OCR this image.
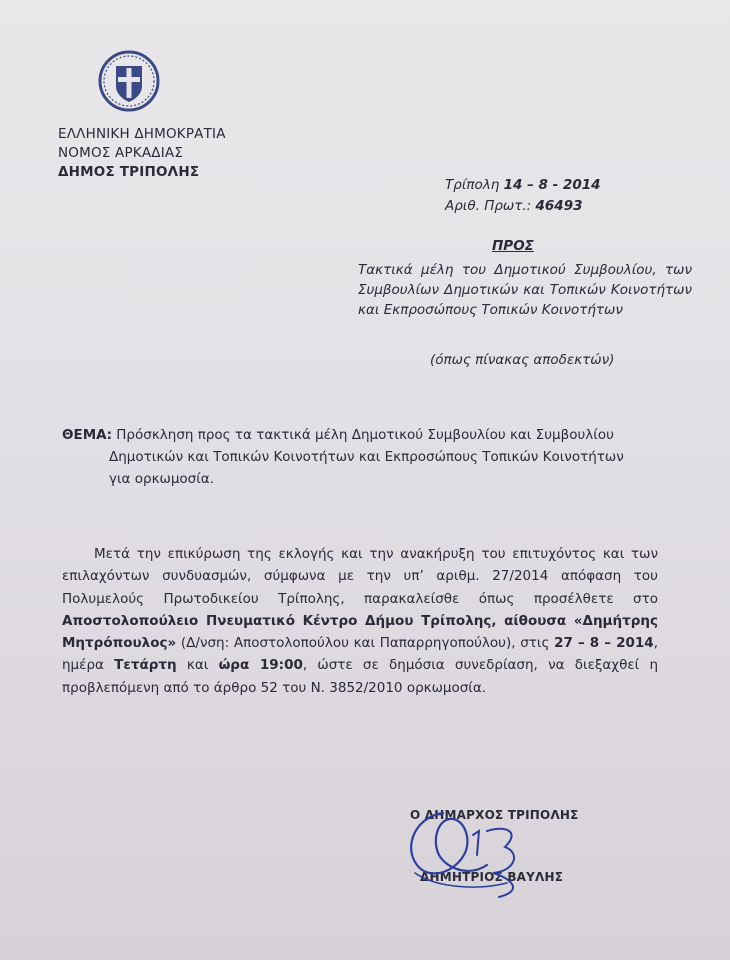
ΕΛΛΗΝΙΚΗ ΔΗΜΟΚΡΑΤΙΑ
ΝΟΜΟΣ ΑΡΚΑΔΙΑΣ
ΔΗΜΟΣ ΤΡΙΠΟΛΗΣ
Τρίπολη 14 – 8 - 2014
Αριθ. Πρωτ.: 46493
ΠΡΟΣ
Τακτικά μέλη του Δημοτικού Συμβουλίου, των Συμβουλίων Δημοτικών και Τοπικών Κοινοτήτων και Εκπροσώπους Τοπικών Κοινοτήτων
(όπως πίνακας αποδεκτών)
ΘΕΜΑ: Πρόσκληση προς τα τακτικά μέλη Δημοτικού Συμβουλίου και Συμβουλίου
Δημοτικών και Τοπικών Κοινοτήτων και Εκπροσώπους Τοπικών Κοινοτήτων
για ορκωμοσία.
Μετά την επικύρωση της εκλογής και την ανακήρυξη του επιτυχόντος και των επιλαχόντων συνδυασμών, σύμφωνα με την υπ’ αριθμ. 27/2014 απόφαση του Πολυμελούς Πρωτοδικείου Τρίπολης, παρακαλείσθε όπως προσέλθετε στο Αποστολοπούλειο Πνευματικό Κέντρο Δήμου Τρίπολης, αίθουσα «Δημήτρης Μητρόπουλος» (Δ/νση: Αποστολοπούλου και Παπαρρηγοπούλου), στις 27 – 8 – 2014, ημέρα Τετάρτη και ώρα 19:00, ώστε σε δημόσια συνεδρίαση, να διεξαχθεί η προβλεπόμενη από το άρθρο 52 του Ν. 3852/2010 ορκωμοσία.
Ο ΔΗΜΑΡΧΟΣ ΤΡΙΠΟΛΗΣ
ΔΗΜΗΤΡΙΟΣ ΒΑΥΛΗΣ
